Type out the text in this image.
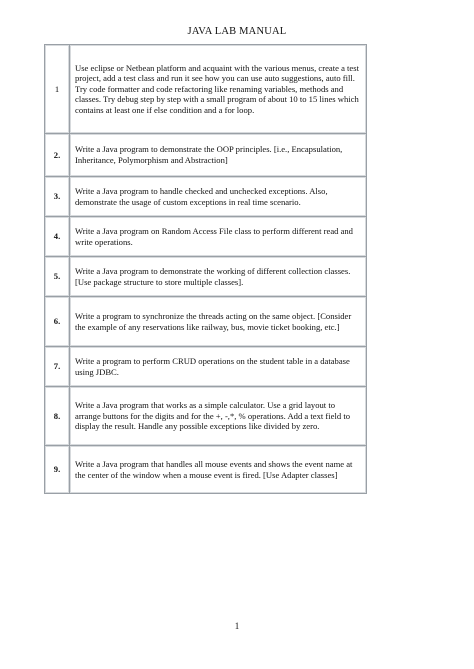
JAVA LAB MANUAL
1	Use eclipse or Netbean platform and acquaint with the various menus, create a test project, add a test class and run it see how you can use auto suggestions, auto fill. Try code formatter and code refactoring like renaming variables, methods and classes. Try debug step by step with a small program of about 10 to 15 lines which contains at least one if else condition and a for loop.
2.	Write a Java program to demonstrate the OOP principles. [i.e., Encapsulation, Inheritance, Polymorphism and Abstraction]
3.	Write a Java program to handle checked and unchecked exceptions. Also, demonstrate the usage of custom exceptions in real time scenario.
4.	Write a Java program on Random Access File class to perform different read and write operations.
5.	Write a Java program to demonstrate the working of different collection classes. [Use package structure to store multiple classes].
6.	Write a program to synchronize the threads acting on the same object. [Consider the example of any reservations like railway, bus, movie ticket booking, etc.]
7.	Write a program to perform CRUD operations on the student table in a database using JDBC.
8.	Write a Java program that works as a simple calculator. Use a grid layout to arrange buttons for the digits and for the +, -,*, % operations. Add a text field to display the result. Handle any possible exceptions like divided by zero.
9.	Write a Java program that handles all mouse events and shows the event name at the center of the window when a mouse event is fired. [Use Adapter classes]
1
